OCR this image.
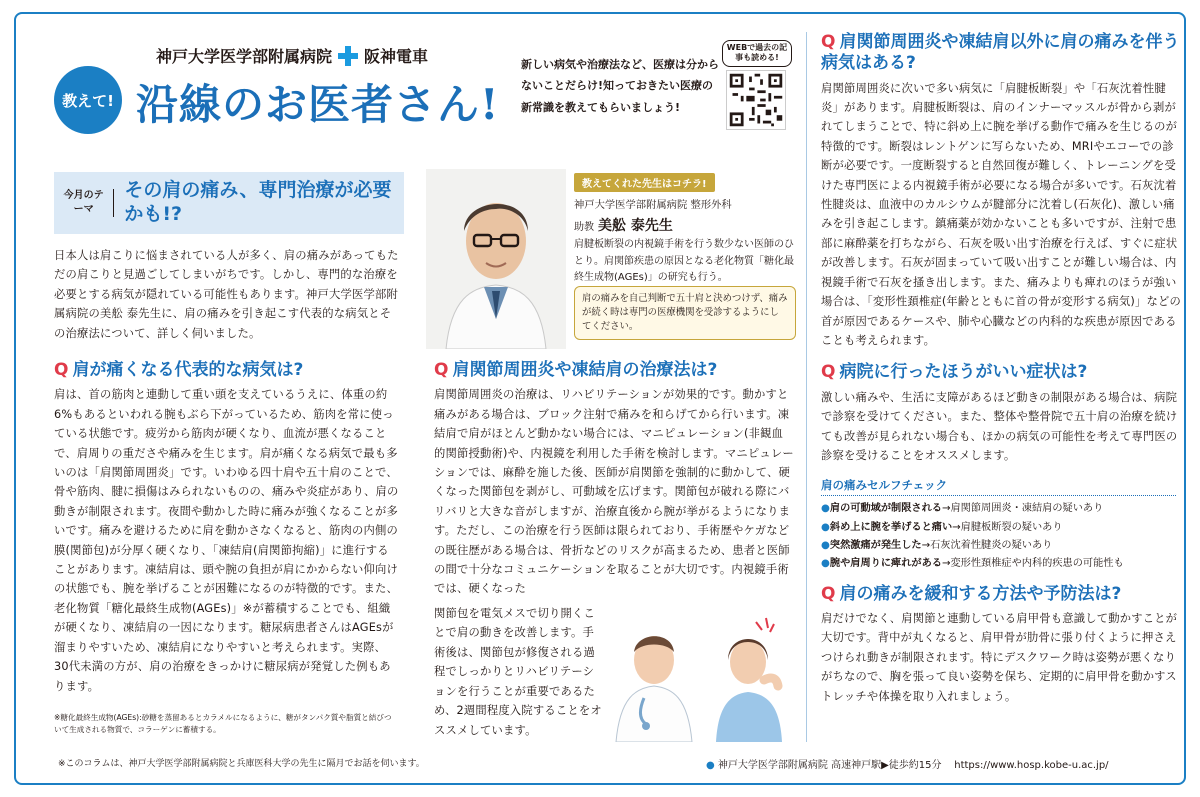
教えて!
神戸大学医学部附属病院 阪神電車
沿線のお医者さん!
新しい病気や治療法など、医療は分からないことだらけ!知っておきたい医療の新常識を教えてもらいましょう!
WEBで過去の記事も読める!
今月のテーマ
その肩の痛み、専門治療が必要かも!?

日本人は肩こりに悩まされている人が多く、肩の痛みがあってもただの肩こりと見過ごしてしまいがちです。しかし、専門的な治療を必要とする病気が隠れている可能性もあります。神戸大学医学部附属病院の美舩 泰先生に、肩の痛みを引き起こす代表的な病気とその治療法について、詳しく伺いました。

Q 肩が痛くなる代表的な病気は?

肩は、首の筋肉と連動して重い頭を支えているうえに、体重の約6%もあるといわれる腕もぶら下がっているため、筋肉を常に使っている状態です。疲労から筋肉が硬くなり、血流が悪くなることで、肩周りの重ださや痛みを生じます。肩が痛くなる病気で最も多いのは「肩関節周囲炎」です。いわゆる四十肩や五十肩のことで、骨や筋肉、腱に損傷はみられないものの、痛みや炎症があり、肩の動きが制限されます。夜間や動かした時に痛みが強くなることが多いです。痛みを避けるために肩を動かさなくなると、筋肉の内側の膜(関節包)が分厚く硬くなり、「凍結肩(肩関節拘縮)」に進行することがあります。凍結肩は、頭や腕の負担が肩にかからない仰向けの状態でも、腕を挙げることが困難になるのが特徴的です。また、老化物質「糖化最終生成物(AGEs)」※が蓄積することでも、組織が硬くなり、凍結肩の一因になります。糖尿病患者さんはAGEsが溜まりやすいため、凍結肩になりやすいと考えられます。実際、30代未満の方が、肩の治療をきっかけに糖尿病が発覚した例もあります。

※糖化最終生成物(AGEs):砂糖を蒸留あるとカラメルになるように、糖がタンパク質や脂質と結びついて生成される物質で、コラーゲンに蓄積する。
※このコラムは、神戸大学医学部附属病院と兵庫医科大学の先生に隔月でお話を伺います。
教えてくれた先生はコチラ!
神戸大学医学部附属病院 整形外科
助教 美舩 泰先生
肩腱板断裂の内視鏡手術を行う数少ない医師のひとり。肩関節疾患の原因となる老化物質「糖化最終生成物(AGEs)」の研究も行う。
肩の痛みを自己判断で五十肩と決めつけず、痛みが続く時は専門の医療機関を受診するようにしてください。
Q 肩関節周囲炎や凍結肩の治療法は?

肩関節周囲炎の治療は、リハビリテーションが効果的です。動かすと痛みがある場合は、ブロック注射で痛みを和らげてから行います。凍結肩で肩がほとんど動かない場合には、マニピュレーション(非観血的関節授動術)や、内視鏡を利用した手術を検討します。マニピュレーションでは、麻酔を施した後、医師が肩関節を強制的に動かして、硬くなった関節包を剥がし、可動域を広げます。関節包が破れる際にバリバリと大きな音がしますが、治療直後から腕が挙がるようになります。ただし、この治療を行う医師は限られており、手術歴やケガなどの既往歴がある場合は、骨折などのリスクが高まるため、患者と医師の間で十分なコミュニケーションを取ることが大切です。内視鏡手術では、硬くなった

関節包を電気メスで切り開くことで肩の動きを改善します。手術後は、関節包が修復される過程でしっかりとリハビリテーションを行うことが重要であるため、2週間程度入院することをオススメしています。

Q 肩関節周囲炎や凍結肩以外に肩の痛みを伴う病気はある?

肩関節周囲炎に次いで多い病気に「肩腱板断裂」や「石灰沈着性腱炎」があります。肩腱板断裂は、肩のインナーマッスルが骨から剥がれてしまうことで、特に斜め上に腕を挙げる動作で痛みを生じるのが特徴的です。断裂はレントゲンに写らないため、MRIやエコーでの診断が必要です。一度断裂すると自然回復が難しく、トレーニングを受けた専門医による内視鏡手術が必要になる場合が多いです。石灰沈着性腱炎は、血液中のカルシウムが腱部分に沈着し(石灰化)、激しい痛みを引き起こします。鎮痛薬が効かないことも多いですが、注射で患部に麻酔薬を打ちながら、石灰を吸い出す治療を行えば、すぐに症状が改善します。石灰が固まっていて吸い出すことが難しい場合は、内視鏡手術で石灰を搔き出します。また、痛みよりも痺れのほうが強い場合は、「変形性頚椎症(年齢とともに首の骨が変形する病気)」などの首が原因であるケースや、肺や心臓などの内科的な疾患が原因であることも考えられます。

Q 病院に行ったほうがいい症状は?

激しい痛みや、生活に支障があるほど動きの制限がある場合は、病院で診察を受けてください。また、整体や整骨院で五十肩の治療を続けても改善が見られない場合も、ほかの病気の可能性を考えて専門医の診察を受けることをオススメします。

肩の痛みセルフチェック
●肩の可動域が制限される→肩関節周囲炎・凍結肩の疑いあり
●斜め上に腕を挙げると痛い→肩腱板断裂の疑いあり
●突然激痛が発生した→石灰沈着性腱炎の疑いあり
●腕や肩周りに痺れがある→変形性頚椎症や内科的疾患の可能性も
Q 肩の痛みを緩和する方法や予防法は?

肩だけでなく、肩関節と連動している肩甲骨も意識して動かすことが大切です。背中が丸くなると、肩甲骨が肋骨に張り付くように押さえつけられ動きが制限されます。特にデスクワーク時は姿勢が悪くなりがちなので、胸を張って良い姿勢を保ち、定期的に肩甲骨を動かすストレッチや体操を取り入れましょう。

● 神戸大学医学部附属病院 高速神戸駅▶徒歩約15分 https://www.hosp.kobe-u.ac.jp/
